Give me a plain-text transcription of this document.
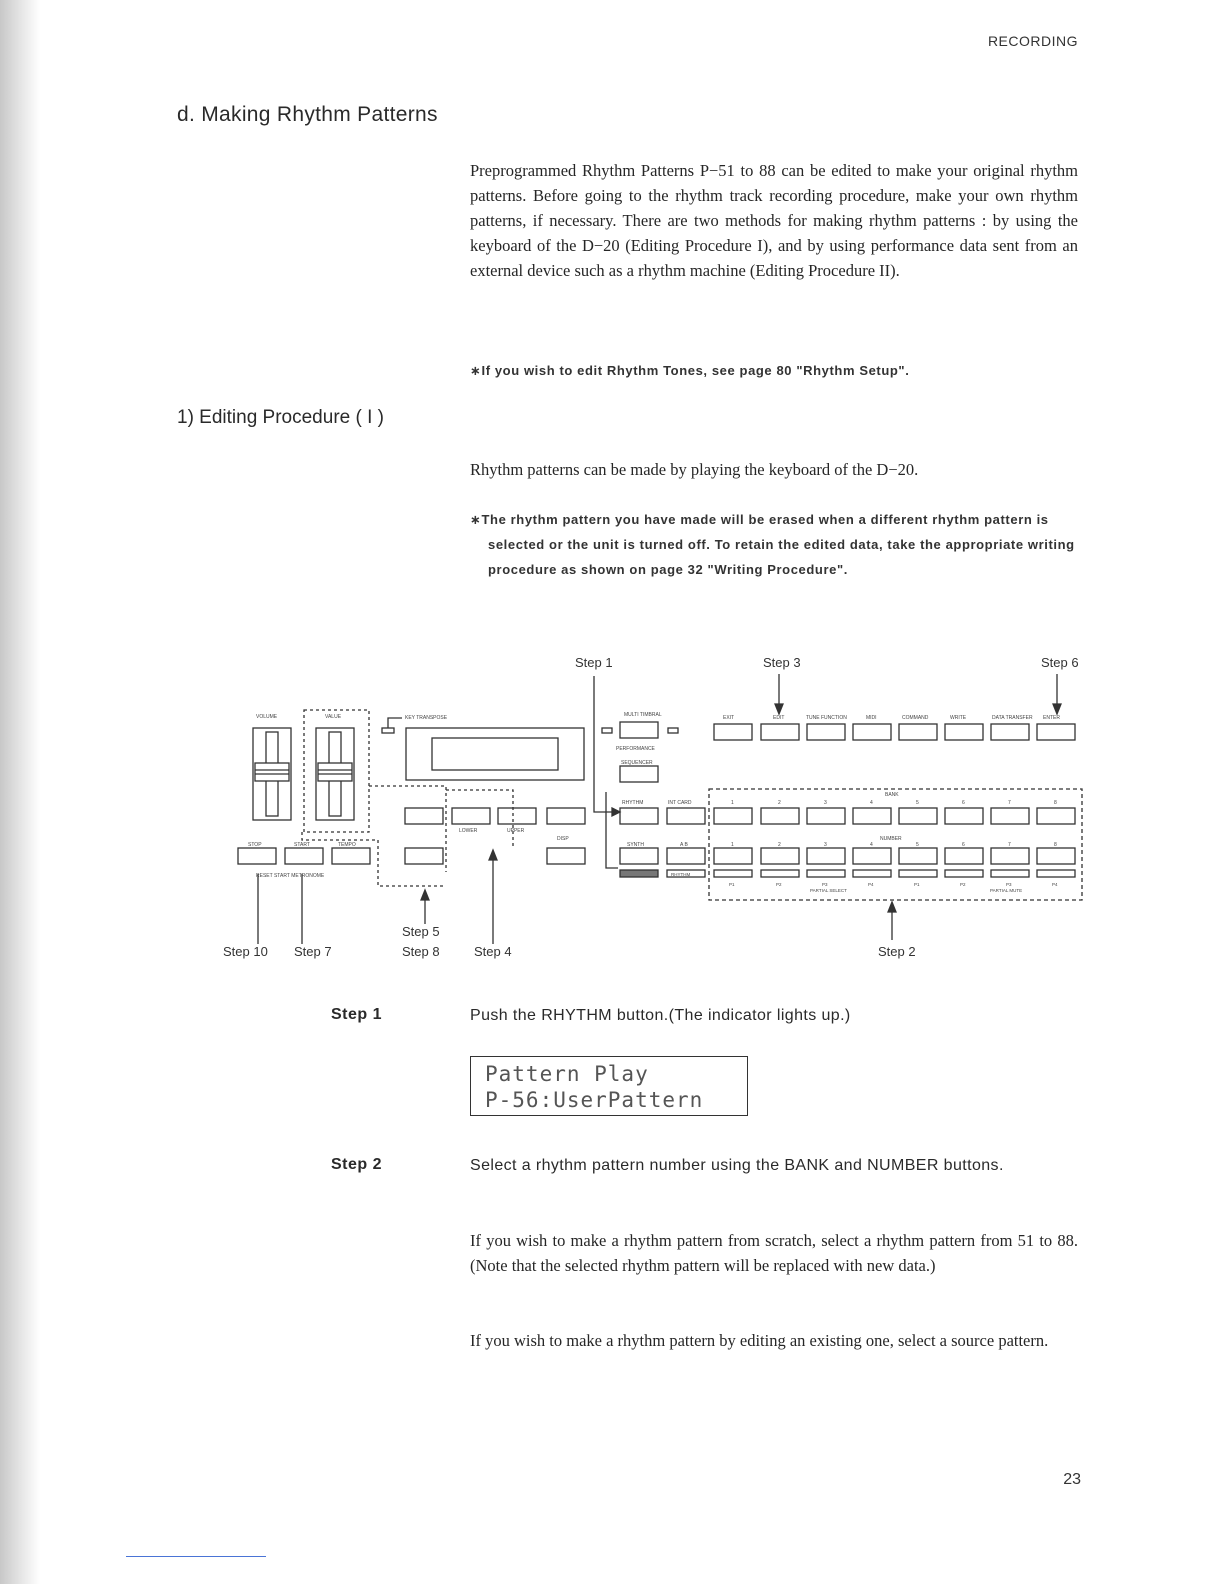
RECORDING
d. Making Rhythm Patterns

Preprogrammed Rhythm Patterns P−51 to 88 can be edited to make your original rhythm patterns. Before going to the rhythm track recording procedure, make your own rhythm patterns, if necessary. There are two methods for making rhythm patterns : by using the keyboard of the D−20 (Editing Procedure I), and by using performance data sent from an external device such as a rhythm machine (Editing Procedure II).

∗If you wish to edit Rhythm Tones, see page 80 "Rhythm Setup".

1) Editing Procedure ( I )

Rhythm patterns can be made by playing the keyboard of the D−20.

∗The rhythm pattern you have made will be erased when a different rhythm pattern is selected or the unit is turned off. To retain the edited data, take the appropriate writing procedure as shown on page 32 "Writing Procedure".

Step 1	Step 3	Step 6
Step 10 Step 7
Step 5
Step 8	Step 4	Step 2
VOLUME	VALUE	KEY TRANSPOSE
LOWER	UPPER
DISP
STOP	START	TEMPO
RESET START METRONOME
MULTI TIMBRAL
PERFORMANCE
SEQUENCER
RHYTHM	INT CARD
SYNTH	A B
RHYTHM
EXIT	EDIT	TUNE FUNCTION	MIDI	COMMAND	WRITE	DATA TRANSFER ENTER
BANK
NUMBER
1	2	3	4	5	6	7	8
1	2	3	4	5	6	7	8
P1	P2	P3	P4	P1	P2	P3	P4
PARTIAL SELECT	PARTIAL MUTE
Step 1	Push the RHYTHM button.(The indicator lights up.)

Pattern Play
P-56:UserPattern
Step 2	Select a rhythm pattern number using the BANK and NUMBER buttons.

If you wish to make a rhythm pattern from scratch, select a rhythm pattern from 51 to 88. (Note that the selected rhythm pattern will be replaced with new data.)

If you wish to make a rhythm pattern by editing an existing one, select a source pattern.

23
